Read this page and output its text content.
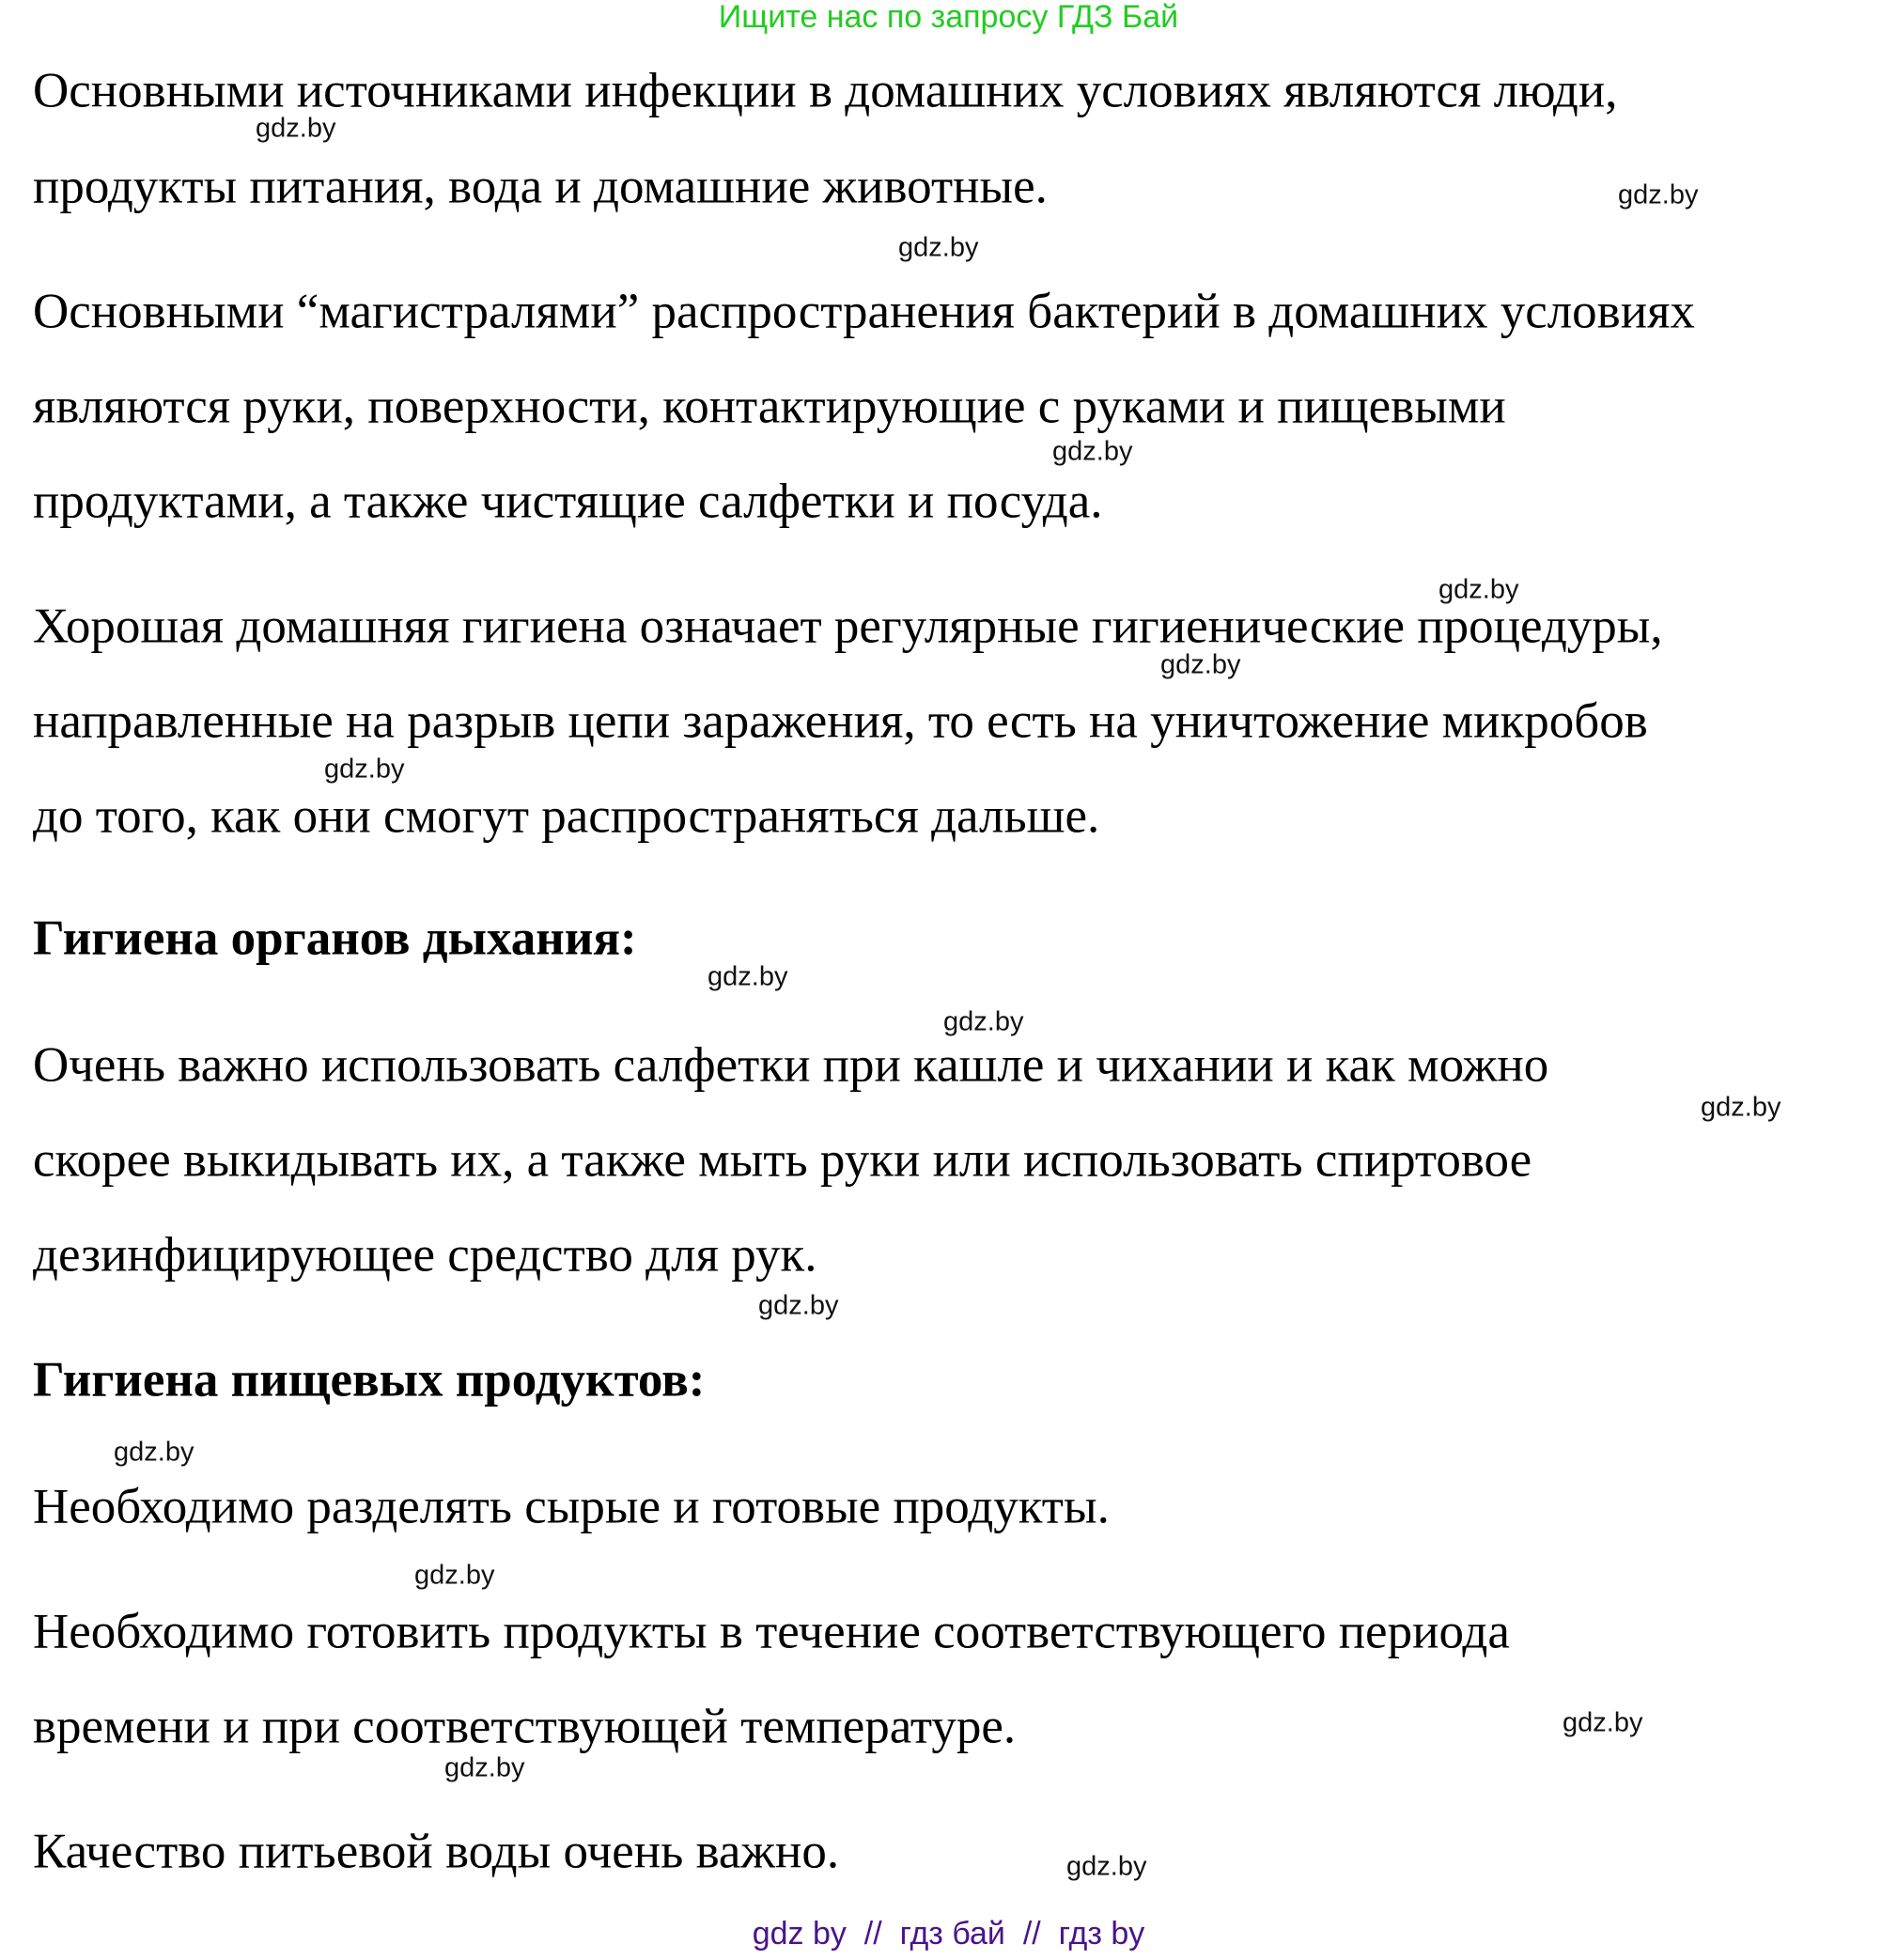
Ищите нас по запросу ГДЗ Бай
Основными источниками инфекции в домашних условиях являются люди,
продукты питания, вода и домашние животные.
Основными “магистралями” распространения бактерий в домашних условиях
являются руки, поверхности, контактирующие с руками и пищевыми
продуктами, а также чистящие салфетки и посуда.
Хорошая домашняя гигиена означает регулярные гигиенические процедуры,
направленные на разрыв цепи заражения, то есть на уничтожение микробов
до того, как они смогут распространяться дальше.
Гигиена органов дыхания:
Очень важно использовать салфетки при кашле и чихании и как можно
скорее выкидывать их, а также мыть руки или использовать спиртовое
дезинфицирующее средство для рук.
Гигиена пищевых продуктов:
Необходимо разделять сырые и готовые продукты.
Необходимо готовить продукты в течение соответствующего периода
времени и при соответствующей температуре.
Качество питьевой воды очень важно.
gdz.by
gdz.by
gdz.by
gdz.by
gdz.by
gdz.by
gdz.by
gdz.by
gdz.by
gdz.by
gdz.by
gdz.by
gdz.by
gdz.by
gdz.by
gdz.by
gdz by  //  гдз бай  //  гдз by
